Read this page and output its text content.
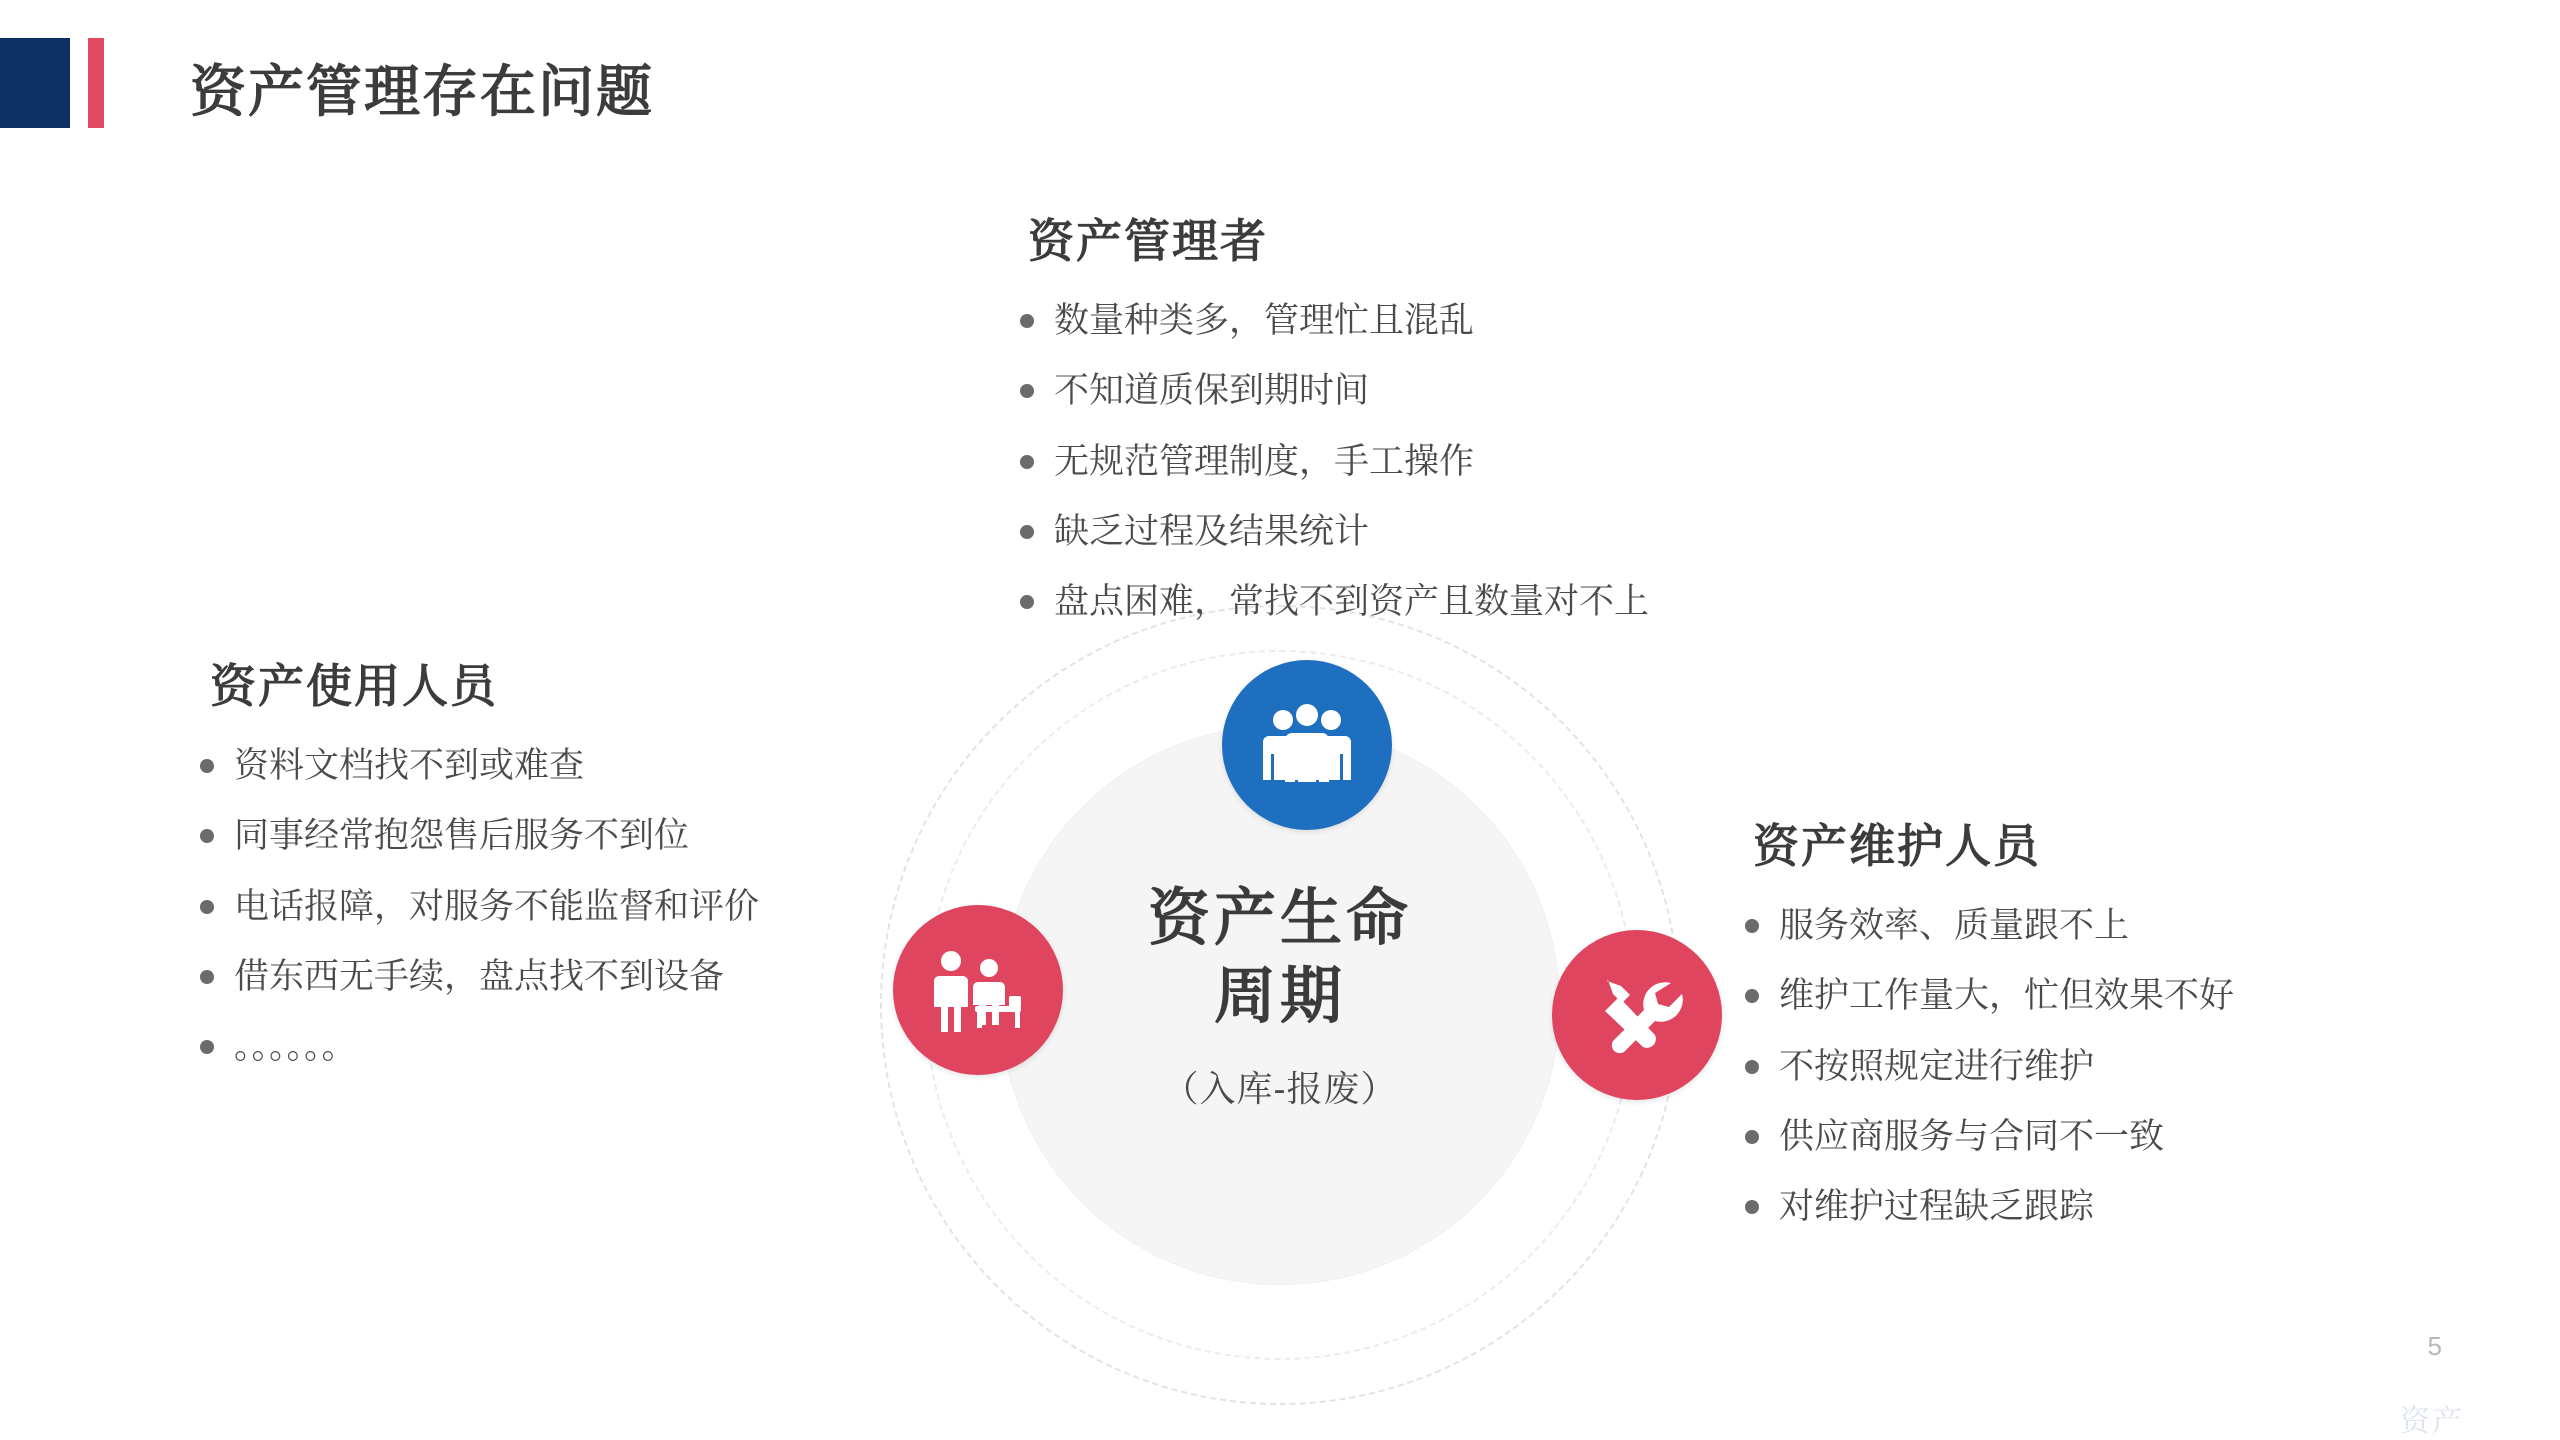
资产管理存在问题
资产生命
周期
（入库-报废）
资产管理者
数量种类多，管理忙且混乱
不知道质保到期时间
无规范管理制度，手工操作
缺乏过程及结果统计
盘点困难，常找不到资产且数量对不上
资产使用人员
资料文档找不到或难查
同事经常抱怨售后服务不到位
电话报障，对服务不能监督和评价
借东西无手续，盘点找不到设备
。。。。。。
资产维护人员
服务效率、质量跟不上
维护工作量大，忙但效果不好
不按照规定进行维护
供应商服务与合同不一致
对维护过程缺乏跟踪
5
资产
